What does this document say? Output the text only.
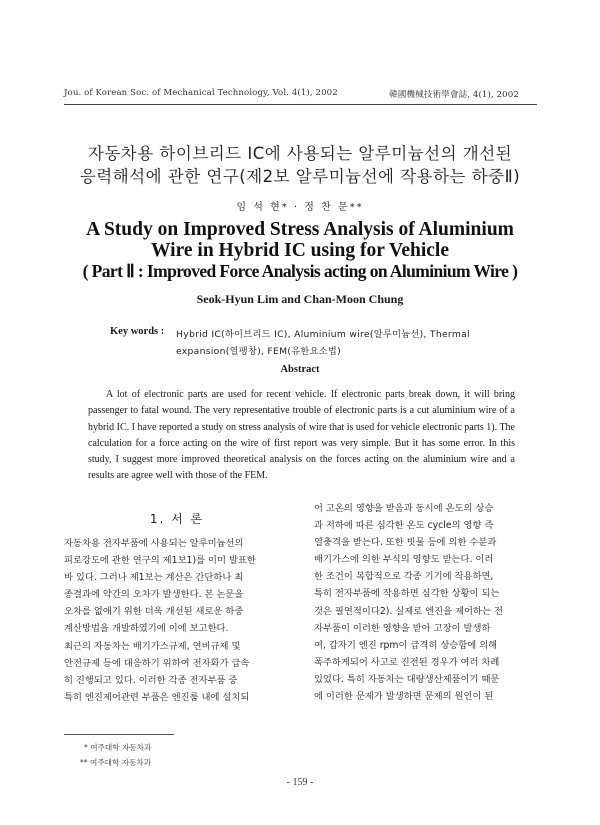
Jou. of Korean Soc. of Mechanical Technology, Vol. 4(1), 2002	韓國機械技術學會誌, 4(1), 2002
자동차용 하이브리드 IC에 사용되는 알루미늄선의 개선된
응력해석에 관한 연구(제2보 알루미늄선에 작용하는 하중Ⅱ)
임 석 현* · 정 찬 문**
A Study on Improved Stress Analysis of Aluminium
Wire in Hybrid IC using for Vehicle
( Part Ⅱ : Improved Force Analysis acting on Aluminium Wire )
Seok-Hyun Lim and Chan-Moon Chung
Key words : Hybrid IC(하이브리드 IC), Aluminium wire(알루미늄선), Thermal
expansion(열팽창), FEM(유한요소법)
Abstract
A lot of electronic parts are used for recent vehicle. If electronic parts break down, it will bring passenger to fatal wound. The very representative trouble of electronic parts is a cut aluminium wire of a hybrid IC. I have reported a study on stress analysis of wire that is used for vehicle electronic parts 1). The calculation for a force acting on the wire of first report was very simple. But it has some error. In this study, I suggest more improved theoretical analysis on the forces acting on the aluminium wire and a results are agree well with those of the FEM.
1. 서 론
자동차용 전자부품에 사용되는 알루미늄선의
피로강도에 관한 연구의 제1보1)를 이미 발표한
바 있다. 그러나 제1보는 계산은 간단하나 최
종결과에 약간의 오차가 발생한다. 본 논문을
오차를 없애기 위한 더욱 개선된 새로운 하중
계산방법을 개발하였기에 이에 보고한다.
최근의 자동차는 배기가스규제, 연비규제 및
안전규제 등에 대응하기 위하여 전자화가 급속
히 진행되고 있다. 이러한 각종 전자부품 중
특히 엔진제어관련 부품은 엔진룸 내에 설치되
어 고온의 영향을 받음과 동시에 온도의 상승
과 저하에 따른 심각한 온도 cycle의 영향 즉
열충격을 받는다. 또한 빗물 등에 의한 수분과
배기가스에 의한 부식의 영향도 받는다. 이러
한 조건이 복합적으로 각종 기기에 작용하면,
특히 전자부품에 작용하면 심각한 상황이 되는
것은 필연적이다2). 실제로 엔진을 제어하는 전
자부품이 이러한 영향을 받아 고장이 발생하
여, 갑자기 엔진 rpm이 급격히 상승함에 의해
폭주하게되어 사고로 진전된 경우가 여러 차례
있었다. 특히 자동차는 대량생산제품이기 때문
에 이러한 문제가 발생하면 문제의 원인이 된
* 여주대학 자동차과
** 여주대학 자동차과
- 159 -
